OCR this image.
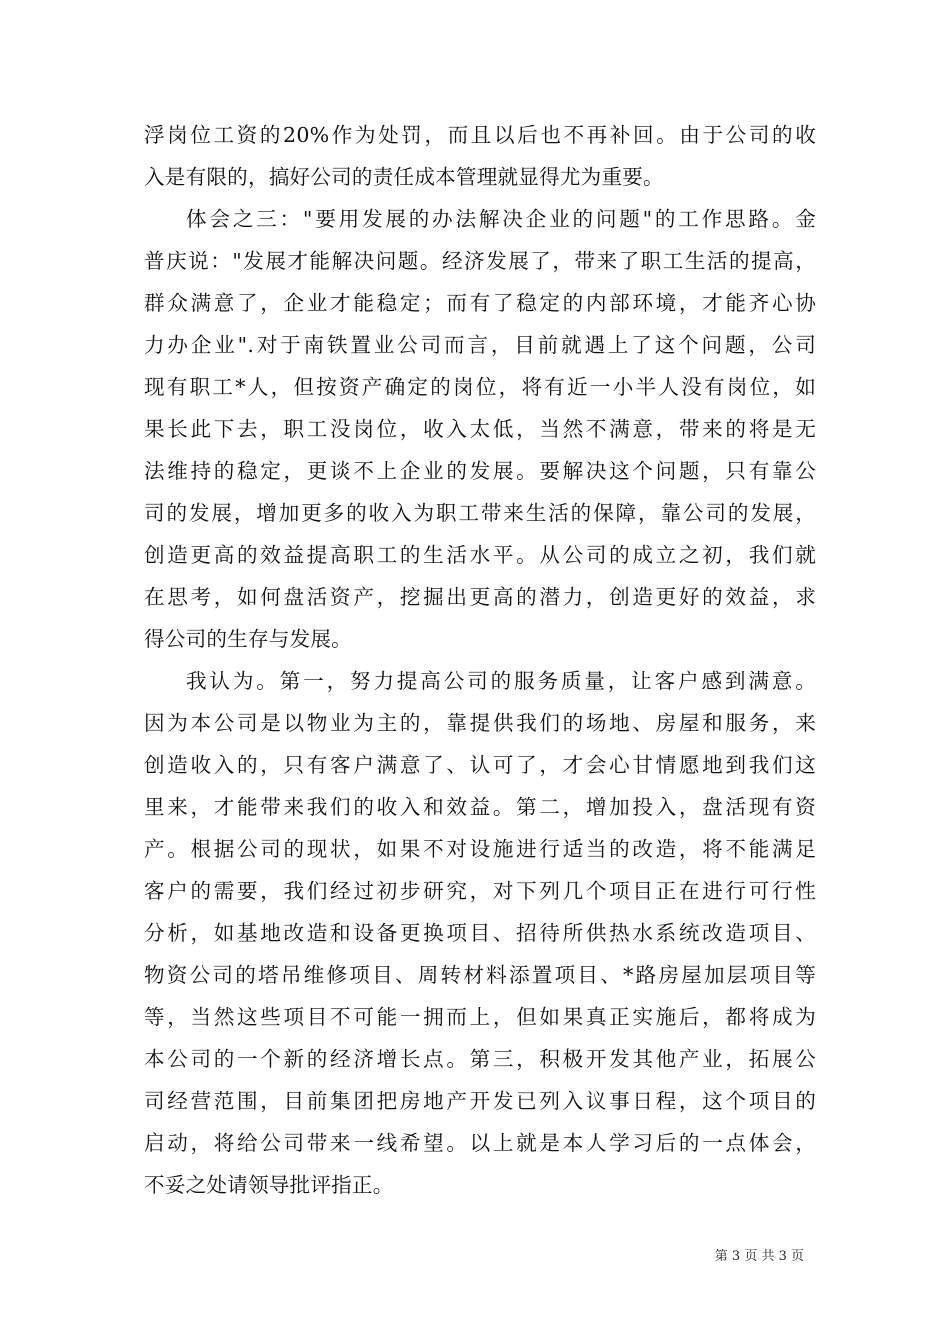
浮岗位工资的20%作为处罚，而且以后也不再补回。由于公司的收
入是有限的，搞好公司的责任成本管理就显得尤为重要。
体会之三："要用发展的办法解决企业的问题"的工作思路。金
普庆说："发展才能解决问题。经济发展了，带来了职工生活的提高，
群众满意了，企业才能稳定；而有了稳定的内部环境，才能齐心协
力办企业".对于南铁置业公司而言，目前就遇上了这个问题，公司
现有职工*人，但按资产确定的岗位，将有近一小半人没有岗位，如
果长此下去，职工没岗位，收入太低，当然不满意，带来的将是无
法维持的稳定，更谈不上企业的发展。要解决这个问题，只有靠公
司的发展，增加更多的收入为职工带来生活的保障，靠公司的发展，
创造更高的效益提高职工的生活水平。从公司的成立之初，我们就
在思考，如何盘活资产，挖掘出更高的潜力，创造更好的效益，求
得公司的生存与发展。
我认为。第一，努力提高公司的服务质量，让客户感到满意。
因为本公司是以物业为主的，靠提供我们的场地、房屋和服务，来
创造收入的，只有客户满意了、认可了，才会心甘情愿地到我们这
里来，才能带来我们的收入和效益。第二，增加投入，盘活现有资
产。根据公司的现状，如果不对设施进行适当的改造，将不能满足
客户的需要，我们经过初步研究，对下列几个项目正在进行可行性
分析，如基地改造和设备更换项目、招待所供热水系统改造项目、
物资公司的塔吊维修项目、周转材料添置项目、*路房屋加层项目等
等，当然这些项目不可能一拥而上，但如果真正实施后，都将成为
本公司的一个新的经济增长点。第三，积极开发其他产业，拓展公
司经营范围，目前集团把房地产开发已列入议事日程，这个项目的
启动，将给公司带来一线希望。以上就是本人学习后的一点体会，
不妥之处请领导批评指正。
第 3 页 共 3 页
